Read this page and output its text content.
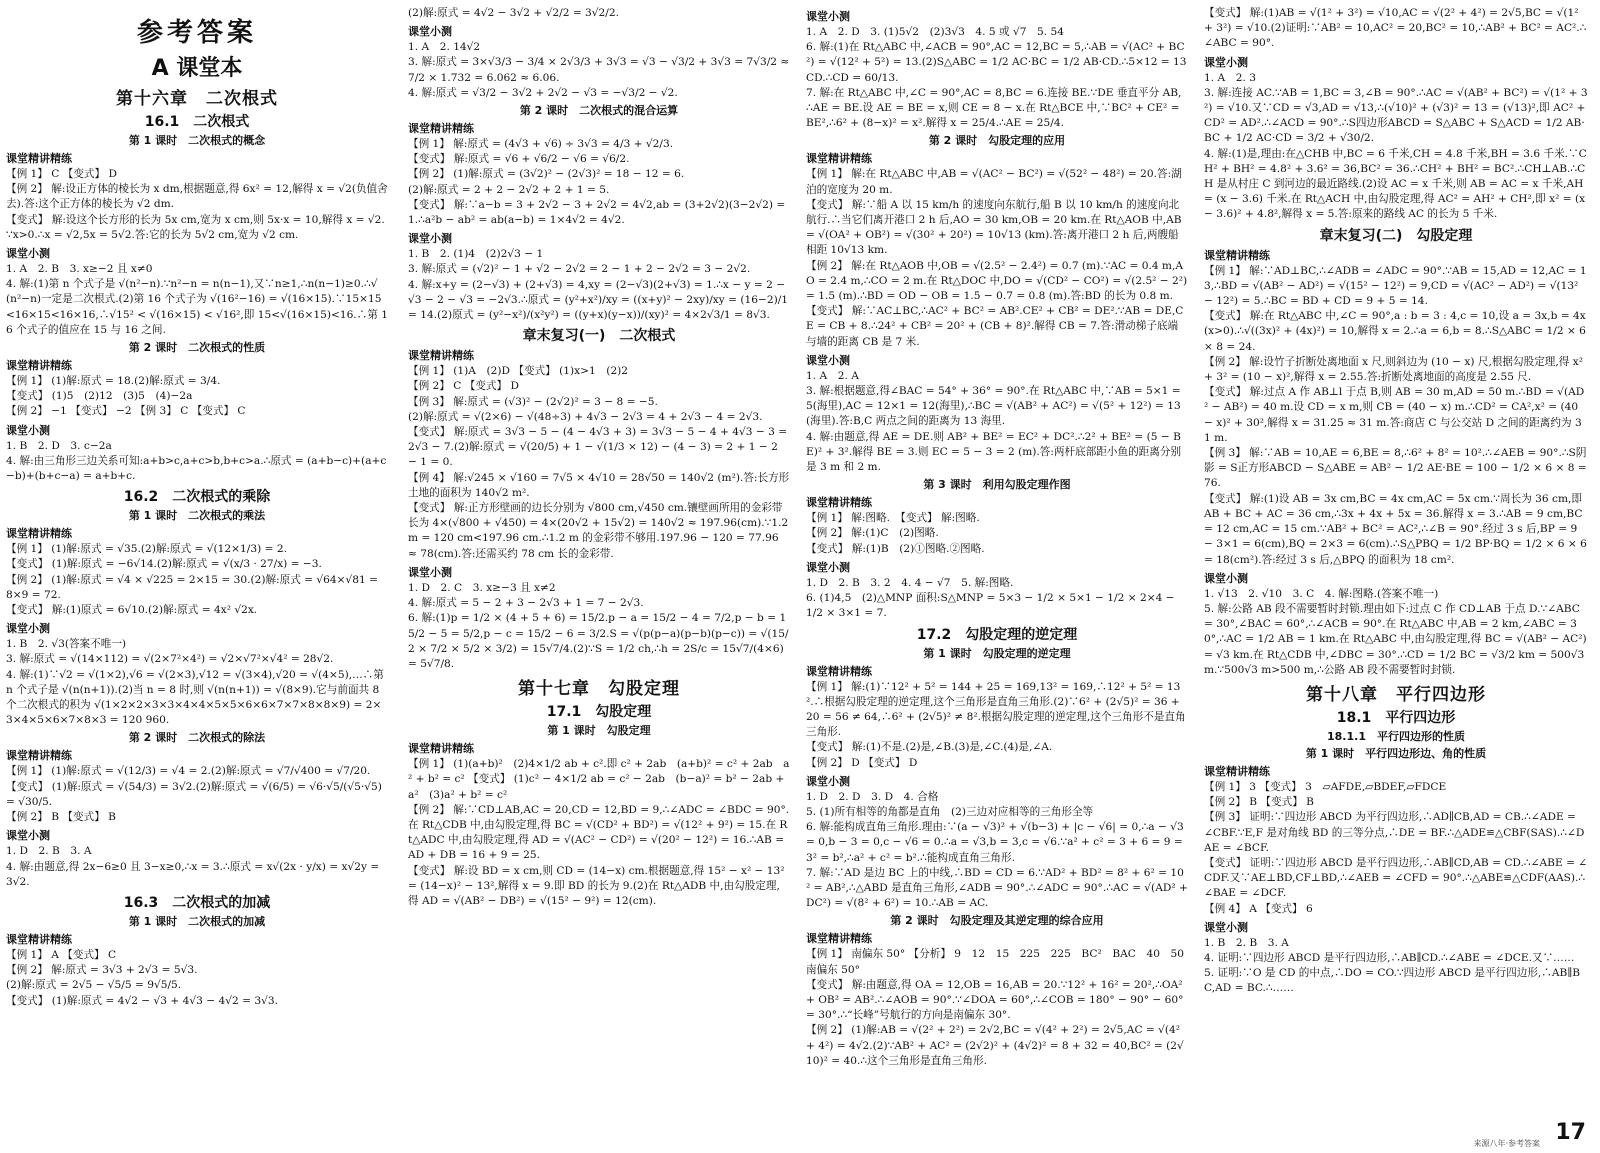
参考答案
A 课堂本
第十六章　二次根式
16.1　二次根式
第 1 课时　二次根式的概念
课堂精讲精练

【例 1】 C 【变式】 D
【例 2】 解:设正方体的棱长为 x dm,根据题意,得 6x² = 12,解得 x = √2(负值舍去).答:这个正方体的棱长为 √2 dm.
【变式】 解:设这个长方形的长为 5x cm,宽为 x cm,则 5x·x = 10,解得 x = √2.∵x>0.∴x = √2,5x = 5√2.答:它的长为 5√2 cm,宽为 √2 cm.

课堂小测

1. A　2. B　3. x≥−2 且 x≠0
4. 解:(1)第 n 个式子是 √(n²−n).∵n²−n = n(n−1),又∵n≥1,∴n(n−1)≥0.∴√(n²−n)一定是二次根式.(2)第 16 个式子为 √(16²−16) = √(16×15).∵15×15<16×15<16×16,∴√15² < √(16×15) < √16²,即 15<√(16×15)<16.∴第 16 个式子的值应在 15 与 16 之间.

第 2 课时　二次根式的性质
课堂精讲精练

【例 1】 (1)解:原式 = 18.(2)解:原式 = 3/4.
【变式】 (1)5　(2)12　(3)5　(4)−2a
【例 2】 −1 【变式】 −2 【例 3】 C 【变式】 C

课堂小测

1. B　2. D　3. c−2a
4. 解:由三角形三边关系可知:a+b>c,a+c>b,b+c>a.∴原式 = (a+b−c)+(a+c−b)+(b+c−a) = a+b+c.

16.2　二次根式的乘除
第 1 课时　二次根式的乘法
课堂精讲精练

【例 1】 (1)解:原式 = √35.(2)解:原式 = √(12×1/3) = 2.
【变式】 (1)解:原式 = −6√14.(2)解:原式 = √(x/3 · 27/x) = −3.
【例 2】 (1)解:原式 = √4 × √225 = 2×15 = 30.(2)解:原式 = √64×√81 = 8×9 = 72.
【变式】 解:(1)原式 = 6√10.(2)解:原式 = 4x² √2x.

课堂小测

1. B　2. √3(答案不唯一)
3. 解:原式 = √(14×112) = √(2×7²×4²) = √2×√7²×√4² = 28√2.
4. 解:(1)∵√2 = √(1×2),√6 = √(2×3),√12 = √(3×4),√20 = √(4×5),…∴第 n 个式子是 √(n(n+1)).(2)当 n = 8 时,则 √(n(n+1)) = √(8×9).它与前面共 8 个二次根式的积为 √(1×2×2×3×3×4×4×5×5×6×6×7×7×8×8×9) = 2×3×4×5×6×7×8×3 = 120 960.

第 2 课时　二次根式的除法
课堂精讲精练

【例 1】 (1)解:原式 = √(12/3) = √4 = 2.(2)解:原式 = √7/√400 = √7/20.
【变式】 (1)解:原式 = √(54/3) = 3√2.(2)解:原式 = √(6/5) = √6·√5/(√5·√5) = √30/5.
【例 2】 B 【变式】 B

课堂小测

1. D　2. B　3. A
4. 解:由题意,得 2x−6≥0 且 3−x≥0,∴x = 3.∴原式 = x√(2x · y/x) = x√2y = 3√2.

16.3　二次根式的加减
第 1 课时　二次根式的加减
课堂精讲精练

【例 1】 A 【变式】 C
【例 2】 解:原式 = 3√3 + 2√3 = 5√3.
(2)解:原式 = 2√5 − √5/5 = 9√5/5.
【变式】 (1)解:原式 = 4√2 − √3 + 4√3 − 4√2 = 3√3.

(2)解:原式 = 4√2 − 3√2 + √2/2 = 3√2/2.

课堂小测

1. A　2. 14√2
3. 解:原式 = 3×√3/3 − 3/4 × 2√3/3 + 3√3 = √3 − √3/2 + 3√3 = 7√3/2 ≈ 7/2 × 1.732 = 6.062 ≈ 6.06.
4. 解:原式 = √3/2 − 3√2 + 2√2 − √3 = −√3/2 − √2.

第 2 课时　二次根式的混合运算
课堂精讲精练

【例 1】 解:原式 = (4√3 + √6) ÷ 3√3 = 4/3 + √2/3.
【变式】 解:原式 = √6 + √6/2 − √6 = √6/2.
【例 2】 (1)解:原式 = (3√2)² − (2√3)² = 18 − 12 = 6.
(2)解:原式 = 2 + 2 − 2√2 + 2 + 1 = 5.
【变式】 解:∵a−b = 3 + 2√2 − 3 + 2√2 = 4√2,ab = (3+2√2)(3−2√2) = 1.∴a²b − ab² = ab(a−b) = 1×4√2 = 4√2.

课堂小测

1. B　2. (1)4　(2)2√3 − 1
3. 解:原式 = (√2)² − 1 + √2 − 2√2 = 2 − 1 + 2 − 2√2 = 3 − 2√2.
4. 解:x+y = (2−√3) + (2+√3) = 4,xy = (2−√3)(2+√3) = 1.∴x − y = 2 − √3 − 2 − √3 = −2√3.∴原式 = (y²+x²)/xy = ((x+y)² − 2xy)/xy = (16−2)/1 = 14.(2)原式 = (y²−x²)/(x²y²) = ((y+x)(y−x))/(xy)² = 4×2√3/1 = 8√3.

章末复习(一)　二次根式
课堂精讲精练

【例 1】 (1)A　(2)D 【变式】 (1)x>1　(2)2
【例 2】 C 【变式】 D
【例 3】 解:原式 = (√3)² − (2√2)² = 3 − 8 = −5.
(2)解:原式 = √(2×6) − √(48÷3) + 4√3 − 2√3 = 4 + 2√3 − 4 = 2√3.
【变式】 解:原式 = 3√3 − 5 − (4 − 4√3 + 3) = 3√3 − 5 − 4 + 4√3 − 3 = 2√3 − 7.(2)解:原式 = √(20/5) + 1 − √(1/3 × 12) − (4 − 3) = 2 + 1 − 2 − 1 = 0.
【例 4】 解:√245 × √160 = 7√5 × 4√10 = 28√50 = 140√2 (m²).答:长方形土地的面积为 140√2 m².
【变式】 解:正方形壁画的边长分别为 √800 cm,√450 cm.镶壁画所用的金彩带长为 4×(√800 + √450) = 4×(20√2 + 15√2) = 140√2 ≈ 197.96(cm).∵1.2 m = 120 cm<197.96 cm.∴1.2 m 的金彩带不够用.197.96 − 120 = 77.96 ≈ 78(cm).答:还需买约 78 cm 长的金彩带.

课堂小测

1. D　2. C　3. x≥−3 且 x≠2
4. 解:原式 = 5 − 2 + 3 − 2√3 + 1 = 7 − 2√3.
6. 解:(1)p = 1/2 × (4 + 5 + 6) = 15/2.p − a = 15/2 − 4 = 7/2,p − b = 15/2 − 5 = 5/2,p − c = 15/2 − 6 = 3/2.S = √(p(p−a)(p−b)(p−c)) = √(15/2 × 7/2 × 5/2 × 3/2) = 15√7/4.(2)∵S = 1/2 ch,∴h = 2S/c = 15√7/(4×6) = 5√7/8.

第十七章　勾股定理
17.1　勾股定理
第 1 课时　勾股定理
课堂精讲精练

【例 1】 (1)(a+b)²　(2)4×1/2 ab + c².即 c² + 2ab　(a+b)² = c² + 2ab　a² + b² = c² 【变式】 (1)c² − 4×1/2 ab = c² − 2ab　(b−a)² = b² − 2ab + a²　(3)a² + b² = c²
【例 2】 解:∵CD⊥AB,AC = 20,CD = 12,BD = 9,∴∠ADC = ∠BDC = 90°.在 Rt△CDB 中,由勾股定理,得 BC = √(CD² + BD²) = √(12² + 9²) = 15.在 Rt△ADC 中,由勾股定理,得 AD = √(AC² − CD²) = √(20² − 12²) = 16.∴AB = AD + DB = 16 + 9 = 25.
【变式】 解:设 BD = x cm,则 CD = (14−x) cm.根据题意,得 15² − x² − 13² = (14−x)² − 13²,解得 x = 9.即 BD 的长为 9.(2)在 Rt△ADB 中,由勾股定理,得 AD = √(AB² − DB²) = √(15² − 9²) = 12(cm).

课堂小测

1. A　2. D　3. (1)5√2　(2)3√3　4. 5 或 √7　5. 54
6. 解:(1)在 Rt△ABC 中,∠ACB = 90°,AC = 12,BC = 5,∴AB = √(AC² + BC²) = √(12² + 5²) = 13.(2)S△ABC = 1/2 AC·BC = 1/2 AB·CD.∴5×12 = 13CD.∴CD = 60/13.
7. 解:在 Rt△ABC 中,∠C = 90°,AC = 8,BC = 6.连接 BE.∵DE 垂直平分 AB,∴AE = BE.设 AE = BE = x,则 CE = 8 − x.在 Rt△BCE 中,∵BC² + CE² = BE²,∴6² + (8−x)² = x².解得 x = 25/4.∴AE = 25/4.

第 2 课时　勾股定理的应用
课堂精讲精练

【例 1】 解:在 Rt△ABC 中,AB = √(AC² − BC²) = √(52² − 48²) = 20.答:湖泊的宽度为 20 m.
【变式】 解:∵船 A 以 15 km/h 的速度向东航行,船 B 以 10 km/h 的速度向北航行.∴当它们离开港口 2 h 后,AO = 30 km,OB = 20 km.在 Rt△AOB 中,AB = √(OA² + OB²) = √(30² + 20²) = 10√13 (km).答:离开港口 2 h 后,两艘船相距 10√13 km.
【例 2】 解:在 Rt△AOB 中,OB = √(2.5² − 2.4²) = 0.7 (m).∵AC = 0.4 m,AO = 2.4 m,∴CO = 2 m.在 Rt△DOC 中,DO = √(CD² − CO²) = √(2.5² − 2²) = 1.5 (m).∴BD = OD − OB = 1.5 − 0.7 = 0.8 (m).答:BD 的长为 0.8 m.
【变式】 解:∵AC⊥BC,∴AC² + BC² = AB².CE² + CB² = DE².∵AB = DE,CE = CB + 8.∴24² + CB² = 20² + (CB + 8)².解得 CB = 7.答:滑动梯子底端与墙的距离 CB 是 7 米.

课堂小测

1. A　2. A
3. 解:根据题意,得∠BAC = 54° + 36° = 90°.在 Rt△ABC 中,∵AB = 5×1 = 5(海里),AC = 12×1 = 12(海里),∴BC = √(AB² + AC²) = √(5² + 12²) = 13(海里).答:B,C 两点之间的距离为 13 海里.
4. 解:由题意,得 AE = DE.则 AB² + BE² = EC² + DC².∴2² + BE² = (5 − BE)² + 3².解得 BE = 3.则 EC = 5 − 3 = 2 (m).答:两杆底部距小鱼的距离分别是 3 m 和 2 m.

第 3 课时　利用勾股定理作图
课堂精讲精练

【例 1】 解:图略.　【变式】 解:图略.
【例 2】 解:(1)C　(2)图略.
【变式】 解:(1)B　(2)①图略.②图略.

课堂小测

1. D　2. B　3. 2　4. 4 − √7　5. 解:图略.
6. (1)4,5　(2)△MNP 面积:S△MNP = 5×3 − 1/2 × 5×1 − 1/2 × 2×4 − 1/2 × 3×1 = 7.

17.2　勾股定理的逆定理
第 1 课时　勾股定理的逆定理
课堂精讲精练

【例 1】 解:(1)∵12² + 5² = 144 + 25 = 169,13² = 169,∴12² + 5² = 13².∴根据勾股定理的逆定理,这个三角形是直角三角形.(2)∵6² + (2√5)² = 36 + 20 = 56 ≠ 64,∴6² + (2√5)² ≠ 8².根据勾股定理的逆定理,这个三角形不是直角三角形.
【变式】 解:(1)不是.(2)是,∠B.(3)是,∠C.(4)是,∠A.
【例 2】 D 【变式】 D

课堂小测

1. D　2. D　3. D　4. 合格
5. (1)所有相等的角都是直角　(2)三边对应相等的三角形全等
6. 解:能构成直角三角形.理由:∵(a − √3)² + √(b−3) + |c − √6| = 0,∴a − √3 = 0,b − 3 = 0,c − √6 = 0.∴a = √3,b = 3,c = √6.∵a² + c² = 3 + 6 = 9 = 3² = b²,∴a² + c² = b².∴能构成直角三角形.
7. 解:∵AD 是边 BC 上的中线,∴BD = CD = 6.∵AD² + BD² = 8² + 6² = 10² = AB²,∴△ABD 是直角三角形,∠ADB = 90°.∴∠ADC = 90°.∴AC = √(AD² + DC²) = √(8² + 6²) = 10.∴AB = AC.

第 2 课时　勾股定理及其逆定理的综合应用
课堂精讲精练

【例 1】 南偏东 50° 【分析】 9　12　15　225　225　BC²　BAC　40　50　南偏东 50°
【变式】 解:由题意,得 OA = 12,OB = 16,AB = 20.∵12² + 16² = 20²,∴OA² + OB² = AB².∴∠AOB = 90°.∵∠DOA = 60°,∴∠COB = 180° − 90° − 60° = 30°.∴“长峰”号航行的方向是南偏东 30°.
【例 2】 (1)解:AB = √(2² + 2²) = 2√2,BC = √(4² + 2²) = 2√5,AC = √(4² + 4²) = 4√2.(2)∵AB² + AC² = (2√2)² + (4√2)² = 8 + 32 = 40,BC² = (2√10)² = 40.∴这个三角形是直角三角形.

【变式】 解:(1)AB = √(1² + 3²) = √10,AC = √(2² + 4²) = 2√5,BC = √(1² + 3²) = √10.(2)证明:∵AB² = 10,AC² = 20,BC² = 10,∴AB² + BC² = AC².∴∠ABC = 90°.

课堂小测

1. A　2. 3
3. 解:连接 AC.∵AB = 1,BC = 3,∠B = 90°.∴AC = √(AB² + BC²) = √(1² + 3²) = √10.又∵CD = √3,AD = √13,∴(√10)² + (√3)² = 13 = (√13)²,即 AC² + CD² = AD².∴∠ACD = 90°.∴S四边形ABCD = S△ABC + S△ACD = 1/2 AB·BC + 1/2 AC·CD = 3/2 + √30/2.
4. 解:(1)是,理由:在△CHB 中,BC = 6 千米,CH = 4.8 千米,BH = 3.6 千米.∵CH² + BH² = 4.8² + 3.6² = 36,BC² = 36.∴CH² + BH² = BC².∴CH⊥AB.∴CH 是从村庄 C 到河边的最近路线.(2)设 AC = x 千米,则 AB = AC = x 千米,AH = (x − 3.6) 千米.在 Rt△ACH 中,由勾股定理,得 AC² = AH² + CH²,即 x² = (x − 3.6)² + 4.8²,解得 x = 5.答:原来的路线 AC 的长为 5 千米.

章末复习(二)　勾股定理
课堂精讲精练

【例 1】 解:∵AD⊥BC,∴∠ADB = ∠ADC = 90°.∵AB = 15,AD = 12,AC = 13,∴BD = √(AB² − AD²) = √(15² − 12²) = 9,CD = √(AC² − AD²) = √(13² − 12²) = 5.∴BC = BD + CD = 9 + 5 = 14.
【变式】 解:在 Rt△ABC 中,∠C = 90°,a : b = 3 : 4,c = 10,设 a = 3x,b = 4x(x>0).∴√((3x)² + (4x)²) = 10,解得 x = 2.∴a = 6,b = 8.∴S△ABC = 1/2 × 6 × 8 = 24.
【例 2】 解:设竹子折断处离地面 x 尺,则斜边为 (10 − x) 尺,根据勾股定理,得 x² + 3² = (10 − x)²,解得 x = 2.55.答:折断处离地面的高度是 2.55 尺.
【变式】 解:过点 A 作 AB⊥l 于点 B,则 AB = 30 m,AD = 50 m.∴BD = √(AD² − AB²) = 40 m.设 CD = x m,则 CB = (40 − x) m.∴CD² = CA²,x² = (40 − x)² + 30²,解得 x = 31.25 ≈ 31 m.答:商店 C 与公交站 D 之间的距离约为 31 m.
【例 3】 解:∵AB = 10,AE = 6,BE = 8,∴6² + 8² = 10².∴∠AEB = 90°.∴S阴影 = S正方形ABCD − S△ABE = AB² − 1/2 AE·BE = 100 − 1/2 × 6 × 8 = 76.
【变式】 解:(1)设 AB = 3x cm,BC = 4x cm,AC = 5x cm.∵周长为 36 cm,即 AB + BC + AC = 36 cm,∴3x + 4x + 5x = 36.解得 x = 3.∴AB = 9 cm,BC = 12 cm,AC = 15 cm.∵AB² + BC² = AC²,∴∠B = 90°.经过 3 s 后,BP = 9 − 3×1 = 6(cm),BQ = 2×3 = 6(cm).∴S△PBQ = 1/2 BP·BQ = 1/2 × 6 × 6 = 18(cm²).答:经过 3 s 后,△BPQ 的面积为 18 cm².

课堂小测

1. √13　2. √10　3. C　4. 解:图略.(答案不唯一)
5. 解:公路 AB 段不需要暂时封锁.理由如下:过点 C 作 CD⊥AB 于点 D.∵∠ABC = 30°,∠BAC = 60°,∴∠ACB = 90°.在 Rt△ABC 中,AB = 2 km,∠ABC = 30°,∴AC = 1/2 AB = 1 km.在 Rt△ABC 中,由勾股定理,得 BC = √(AB² − AC²) = √3 km.在 Rt△CDB 中,∠DBC = 30°.∴CD = 1/2 BC = √3/2 km = 500√3 m.∵500√3 m>500 m,∴公路 AB 段不需要暂时封锁.

第十八章　平行四边形
18.1　平行四边形
18.1.1　平行四边形的性质
第 1 课时　平行四边形边、角的性质
课堂精讲精练

【例 1】 3 【变式】 3　▱AFDE,▱BDEF,▱FDCE
【例 2】 B 【变式】 B
【例 3】 证明:∵四边形 ABCD 为平行四边形,∴AD∥CB,AD = CB.∴∠ADE = ∠CBF.∵E,F 是对角线 BD 的三等分点,∴DE = BF.∴△ADE≌△CBF(SAS).∴∠DAE = ∠BCF.
【变式】 证明:∵四边形 ABCD 是平行四边形,∴AB∥CD,AB = CD.∴∠ABE = ∠CDF.又∵AE⊥BD,CF⊥BD,∴∠AEB = ∠CFD = 90°.∴△ABE≌△CDF(AAS).∴∠BAE = ∠DCF.
【例 4】 A 【变式】 6

课堂小测

1. B　2. B　3. A
4. 证明:∵四边形 ABCD 是平行四边形,∴AB∥CD.∴∠ABE = ∠DCE.又∵……
5. 证明:∵O 是 CD 的中点,∴DO = CO.∵四边形 ABCD 是平行四边形,∴AB∥BC,AD = BC.∴……

来源八年·参考答案 17
